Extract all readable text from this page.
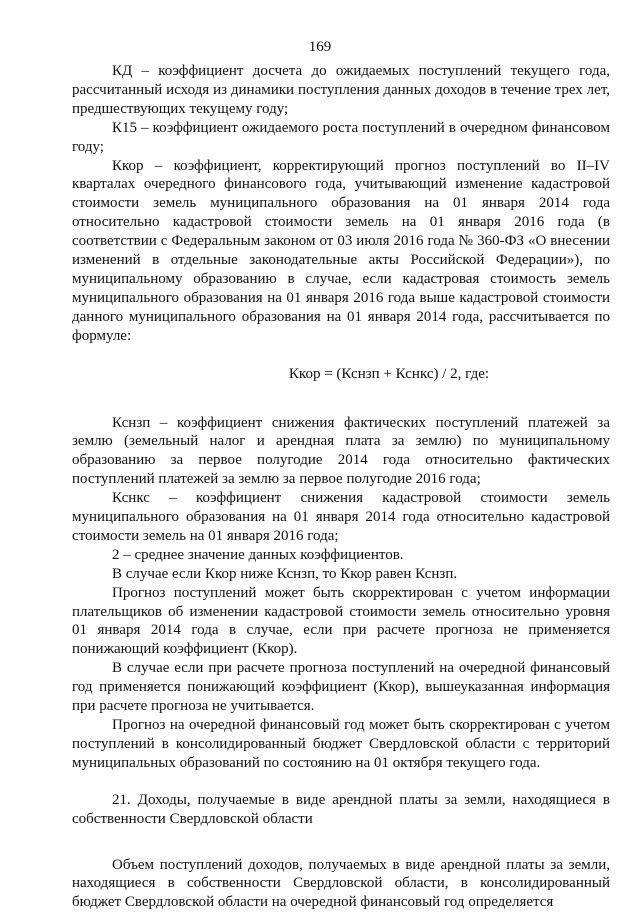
169

КД – коэффициент досчета до ожидаемых поступлений текущего года, рассчитанный исходя из динамики поступления данных доходов в течение трех лет, предшествующих текущему году;

К15 – коэффициент ожидаемого роста поступлений в очередном финансовом году;

Ккор – коэффициент, корректирующий прогноз поступлений во II–IV кварталах очередного финансового года, учитывающий изменение кадастровой стоимости земель муниципального образования на 01 января 2014 года относительно кадастровой стоимости земель на 01 января 2016 года (в соответствии с Федеральным законом от 03 июля 2016 года № 360-ФЗ «О внесении изменений в отдельные законодательные акты Российской Федерации»), по муниципальному образованию в случае, если кадастровая стоимость земель муниципального образования на 01 января 2016 года выше кадастровой стоимости данного муниципального образования на 01 января 2014 года, рассчитывается по формуле:

Ккор = (Кснзп + Кснкс) / 2, где:

Кснзп – коэффициент снижения фактических поступлений платежей за землю (земельный налог и арендная плата за землю) по муниципальному образованию за первое полугодие 2014 года относительно фактических поступлений платежей за землю за первое полугодие 2016 года;

Кснкс – коэффициент снижения кадастровой стоимости земель муниципального образования на 01 января 2014 года относительно кадастровой стоимости земель на 01 января 2016 года;

2 – среднее значение данных коэффициентов.

В случае если Ккор ниже Кснзп, то Ккор равен Кснзп.

Прогноз поступлений может быть скорректирован с учетом информации плательщиков об изменении кадастровой стоимости земель относительно уровня 01 января 2014 года в случае, если при расчете прогноза не применяется понижающий коэффициент (Ккор).

В случае если при расчете прогноза поступлений на очередной финансовый год применяется понижающий коэффициент (Ккор), вышеуказанная информация при расчете прогноза не учитывается.

Прогноз на очередной финансовый год может быть скорректирован с учетом поступлений в консолидированный бюджет Свердловской области с территорий муниципальных образований по состоянию на 01 октября текущего года.

21. Доходы, получаемые в виде арендной платы за земли, находящиеся в собственности Свердловской области

Объем поступлений доходов, получаемых в виде арендной платы за земли, находящиеся в собственности Свердловской области, в консолидированный бюджет Свердловской области на очередной финансовый год определяется
